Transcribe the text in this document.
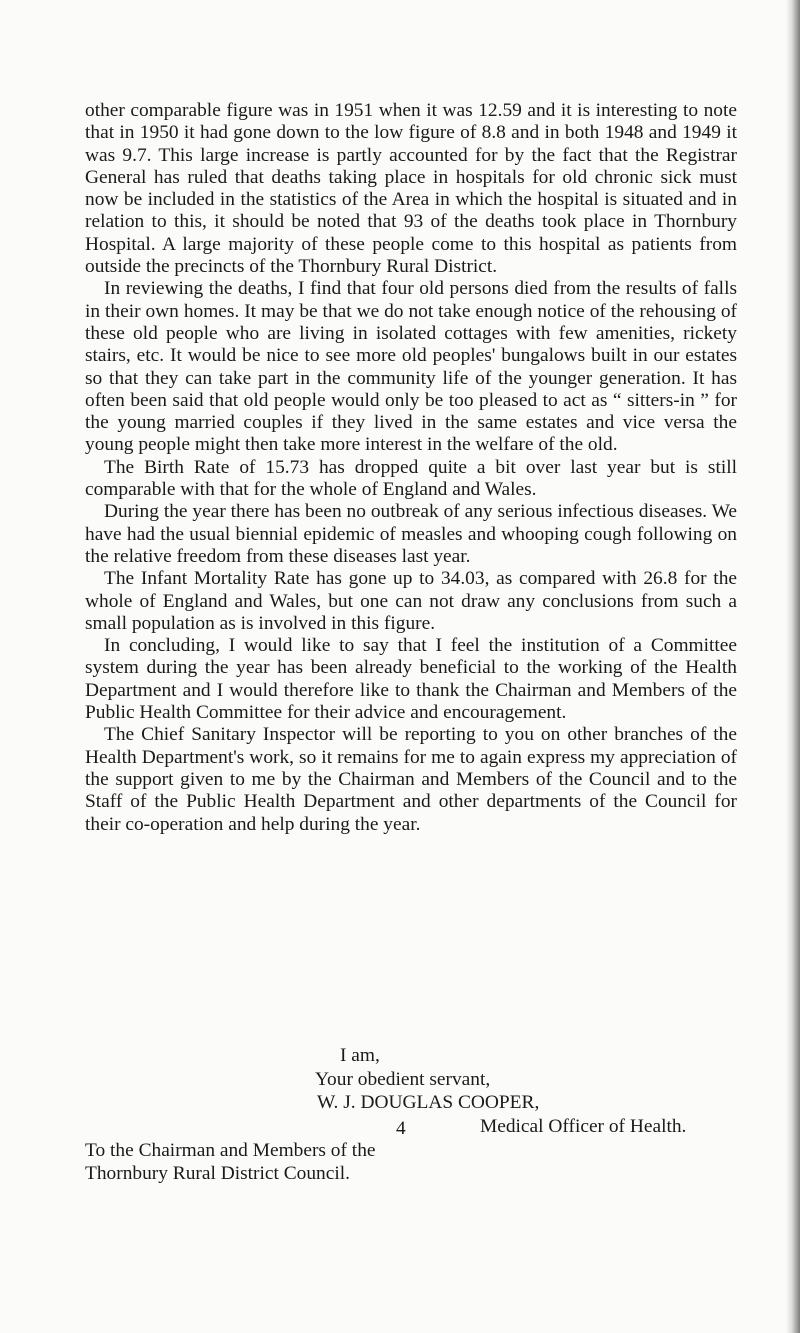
other comparable figure was in 1951 when it was 12.59 and it is interesting to note that in 1950 it had gone down to the low figure of 8.8 and in both 1948 and 1949 it was 9.7. This large increase is partly accounted for by the fact that the Registrar General has ruled that deaths taking place in hospitals for old chronic sick must now be included in the statistics of the Area in which the hospital is situated and in relation to this, it should be noted that 93 of the deaths took place in Thornbury Hospital. A large majority of these people come to this hospital as patients from outside the precincts of the Thornbury Rural District.

In reviewing the deaths, I find that four old persons died from the results of falls in their own homes. It may be that we do not take enough notice of the rehousing of these old people who are living in isolated cottages with few amenities, rickety stairs, etc. It would be nice to see more old peoples' bungalows built in our estates so that they can take part in the community life of the younger generation. It has often been said that old people would only be too pleased to act as “ sitters-in ” for the young married couples if they lived in the same estates and vice versa the young people might then take more interest in the welfare of the old.

The Birth Rate of 15.73 has dropped quite a bit over last year but is still comparable with that for the whole of England and Wales.

During the year there has been no outbreak of any serious infectious diseases. We have had the usual biennial epidemic of measles and whooping cough following on the relative freedom from these diseases last year.

The Infant Mortality Rate has gone up to 34.03, as compared with 26.8 for the whole of England and Wales, but one can not draw any conclusions from such a small population as is involved in this figure.

In concluding, I would like to say that I feel the institution of a Committee system during the year has been already beneficial to the working of the Health Department and I would therefore like to thank the Chairman and Members of the Public Health Committee for their advice and encouragement.

The Chief Sanitary Inspector will be reporting to you on other branches of the Health Department's work, so it remains for me to again express my appreciation of the support given to me by the Chairman and Members of the Council and to the Staff of the Public Health Department and other departments of the Council for their co-operation and help during the year.

I am,
Your obedient servant,
W. J. DOUGLAS COOPER,
Medical Officer of Health.
To the Chairman and Members of the
Thornbury Rural District Council.
4
